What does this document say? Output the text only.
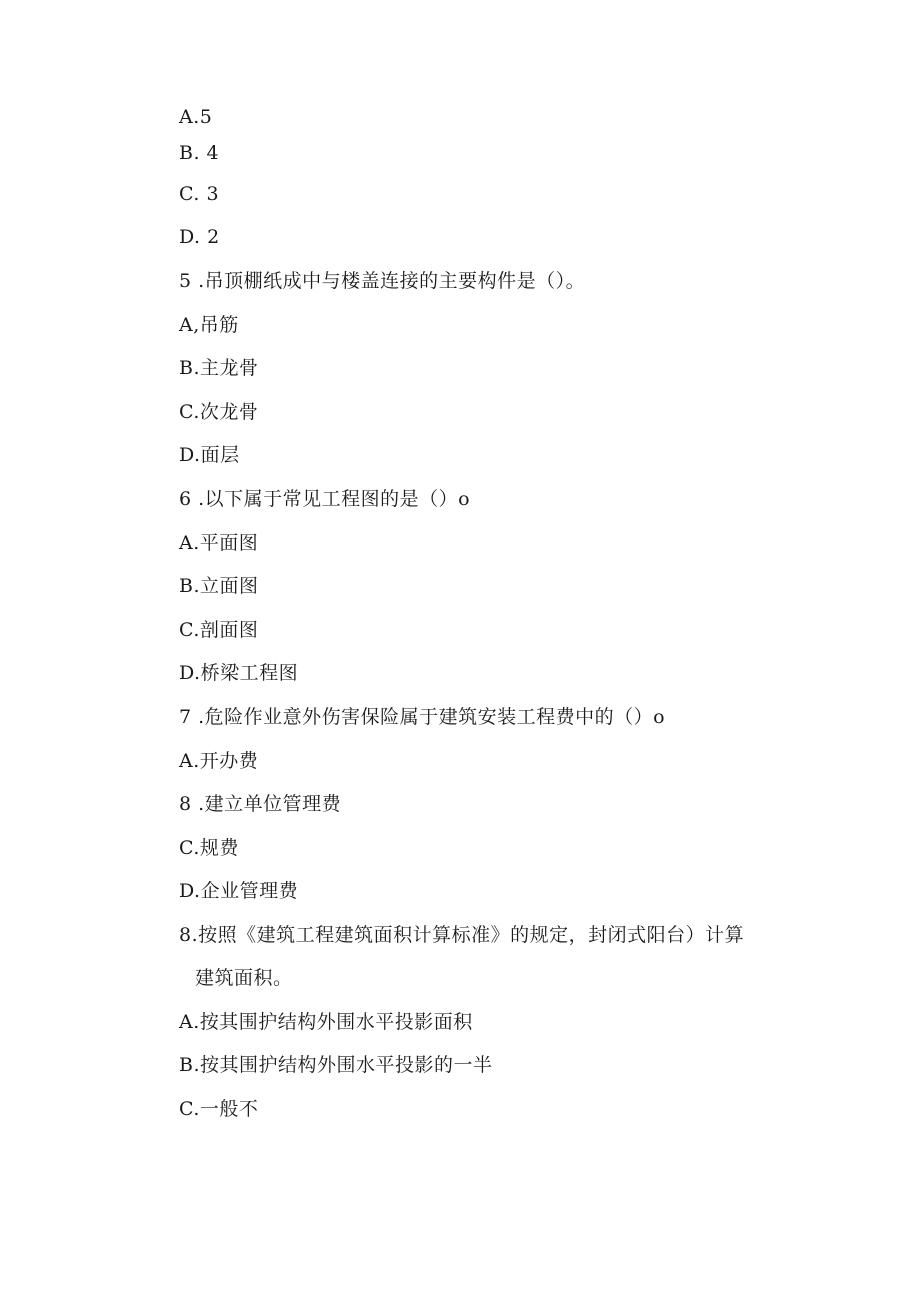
A.5
B. 4
C. 3
D. 2
5 .吊顶棚纸成中与楼盖连接的主要构件是（）。
A,吊筋
B.主龙骨
C.次龙骨
D.面层
6 .以下属于常见工程图的是（）o
A.平面图
B.立面图
C.剖面图
D.桥梁工程图
7 .危险作业意外伤害保险属于建筑安装工程费中的（）o
A.开办费
8 .建立单位管理费
C.规费
D.企业管理费
8.按照《建筑工程建筑面积计算标准》的规定，封闭式阳台）计算
建筑面积。
A.按其围护结构外围水平投影面积
B.按其围护结构外围水平投影的一半
C.一般不
